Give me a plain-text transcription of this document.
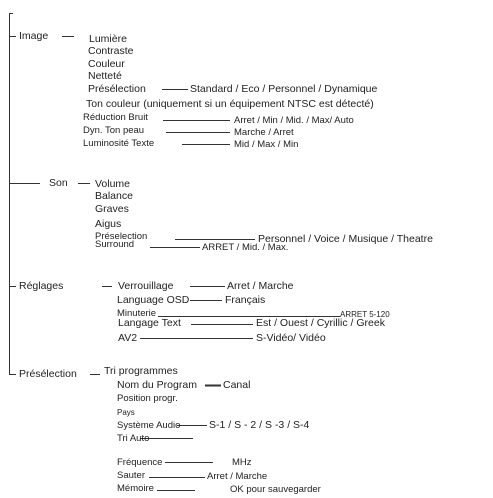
Image	Lumière
Contraste
Couleur
Netteté
Présélection	Standard / Eco / Personnel / Dynamique
Ton couleur (uniquement si un équipement NTSC est détecté)
Réduction Bruit	Arret / Min / Mid. / Max/ Auto
Dyn. Ton peau	Marche / Arret
Luminosité Texte	Mid / Max / Min
Son	Volume
Balance
Graves
Aigus
Préselection	Personnel / Voice / Musique / Theatre
Surround	ARRET / Mid. / Max.
Réglages	Verrouillage	Arret / Marche
Language OSD	Français
Minuterie	ARRET 5-120
Langage Text	Est / Ouest / Cyrillic / Greek
AV2	S-Vidéo/ Vidéo
Présélection	Tri programmes
Nom du Program Canal
Position progr.
Pays
Système Audio	S-1 / S - 2 / S -3 / S-4
Tri Auto
Fréquence	MHz
Sauter	Arret / Marche
Mémoire	OK pour sauvegarder
